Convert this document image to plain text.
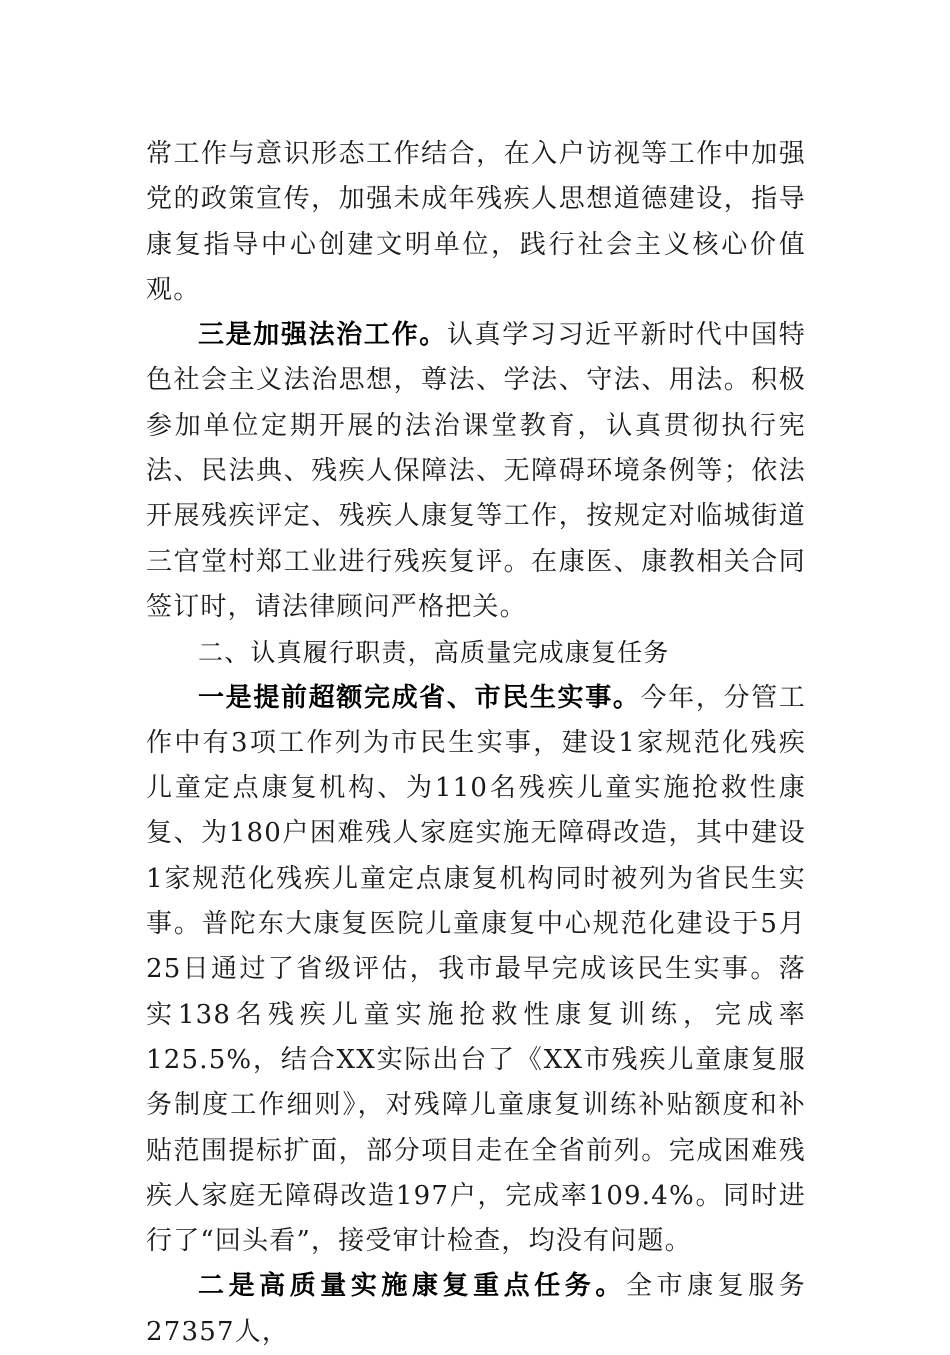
常工作与意识形态工作结合，在入户访视等工作中加强党的政策宣传，加强未成年残疾人思想道德建设，指导康复指导中心创建文明单位，践行社会主义核心价值观。

三是加强法治工作。认真学习习近平新时代中国特色社会主义法治思想，尊法、学法、守法、用法。积极参加单位定期开展的法治课堂教育，认真贯彻执行宪法、民法典、残疾人保障法、无障碍环境条例等；依法开展残疾评定、残疾人康复等工作，按规定对临城街道三官堂村郑工业进行残疾复评。在康医、康教相关合同签订时，请法律顾问严格把关。

二、认真履行职责，高质量完成康复任务

一是提前超额完成省、市民生实事。今年，分管工作中有3项工作列为市民生实事，建设1家规范化残疾儿童定点康复机构、为110名残疾儿童实施抢救性康复、为180户困难残人家庭实施无障碍改造，其中建设1家规范化残疾儿童定点康复机构同时被列为省民生实事。普陀东大康复医院儿童康复中心规范化建设于5月25日通过了省级评估，我市最早完成该民生实事。落实138名残疾儿童实施抢救性康复训练，完成率125.5%，结合XX实际出台了《XX市残疾儿童康复服务制度工作细则》，对残障儿童康复训练补贴额度和补贴范围提标扩面，部分项目走在全省前列。完成困难残疾人家庭无障碍改造197户，完成率109.4%。同时进行了“回头看”，接受审计检查，均没有问题。

二是高质量实施康复重点任务。全市康复服务27357人，
